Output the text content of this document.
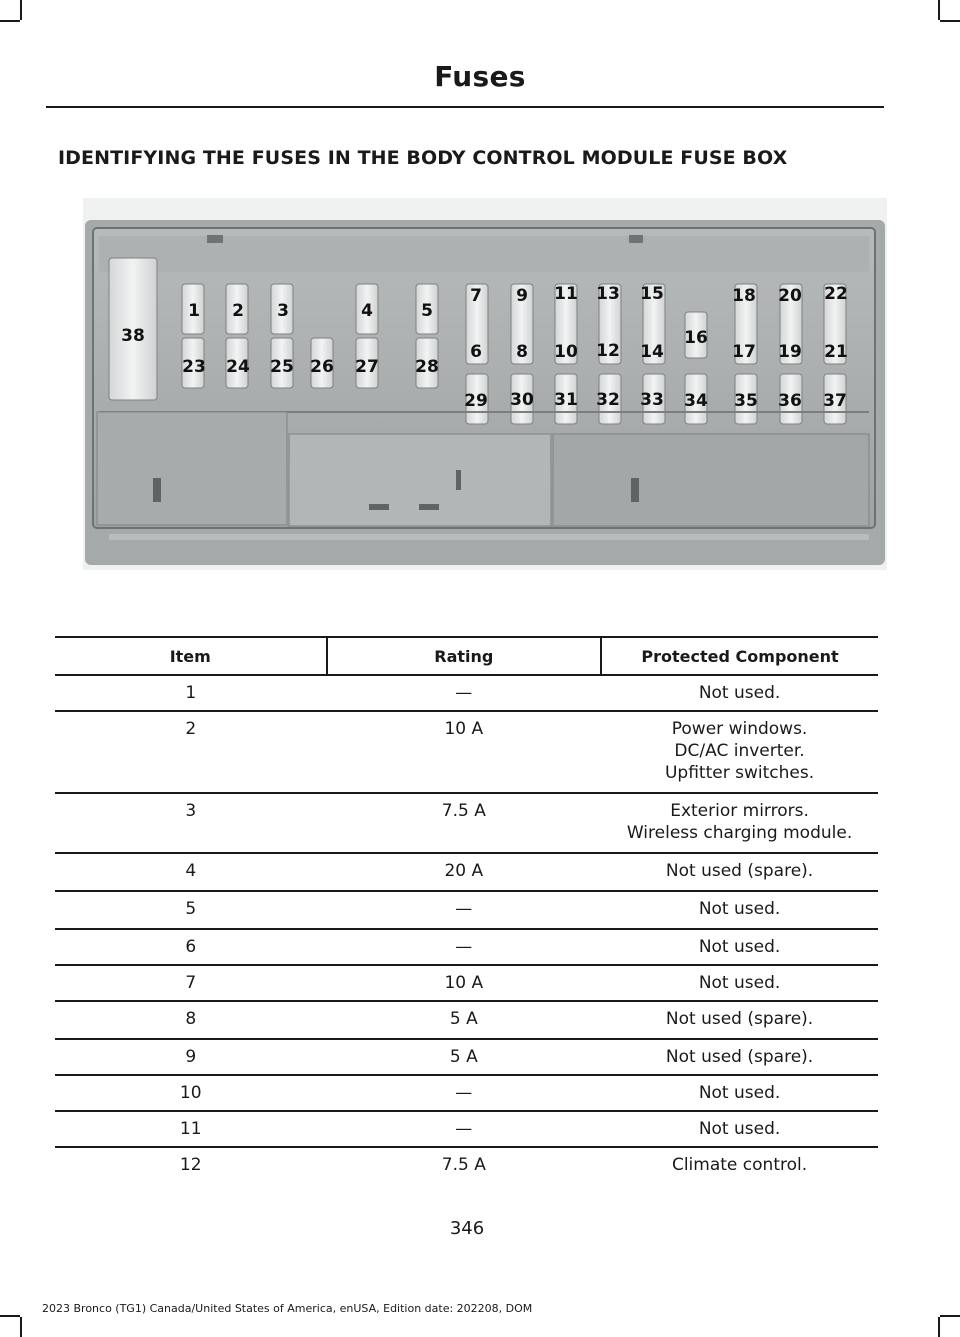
Fuses
IDENTIFYING THE FUSES IN THE BODY CONTROL MODULE FUSE BOX
38
1 2 3	4	5
23 24 25 26 27 28
7 9 11 13 15	18 20 22
6 8 10 12 14
16
17 19 21
29 30 31 32 33 34 35 36 37
Item	Rating	Protected Component
1	—	Not used.

2	10 A	Power windows.
DC/AC inverter.
Upfitter switches.

3	7.5 A	Exterior mirrors.
Wireless charging module.

4	20 A	Not used (spare).

5	—	Not used.

6	—	Not used.

7	10 A	Not used.

8	5 A	Not used (spare).

9	5 A	Not used (spare).

10	—	Not used.

11	—	Not used.

12	7.5 A	Climate control.
346
2023 Bronco (TG1) Canada/United States of America, enUSA, Edition date: 202208, DOM
